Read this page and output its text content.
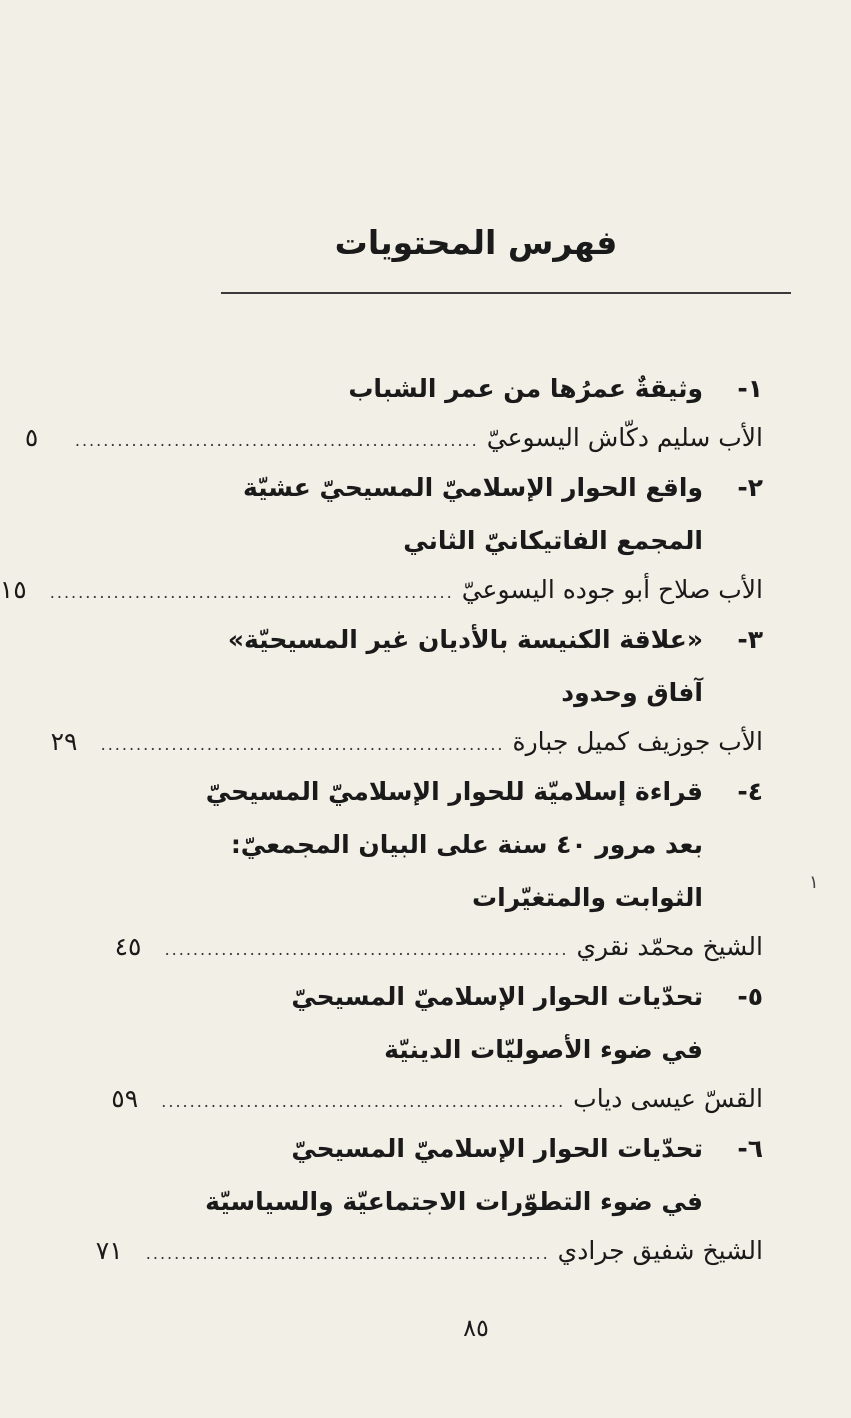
فهرس المحتويات
١-
وثيقةٌ عمرُها من عمر الشباب
الأب سليم دكّاش اليسوعيّ
.........................................................
٥
٢-
واقع الحوار الإسلاميّ المسيحيّ عشيّة
المجمع الفاتيكانيّ الثاني
الأب صلاح أبو جوده اليسوعيّ
.........................................................
١٥
٣-
«علاقة الكنيسة بالأديان غير المسيحيّة»
آفاق وحدود
الأب جوزيف كميل جبارة
.........................................................
٢٩
٤-
قراءة إسلاميّة للحوار الإسلاميّ المسيحيّ
بعد مرور ٤٠ سنة على البيان المجمعيّ:
الثوابت والمتغيّرات
الشيخ محمّد نقري
.........................................................
٤٥
٥-
تحدّيات الحوار الإسلاميّ المسيحيّ
في ضوء الأصوليّات الدينيّة
القسّ عيسى دياب
.........................................................
٥٩
٦-
تحدّيات الحوار الإسلاميّ المسيحيّ
في ضوء التطوّرات الاجتماعيّة والسياسيّة
الشيخ شفيق جرادي
.........................................................
٧١
١
٨٥
